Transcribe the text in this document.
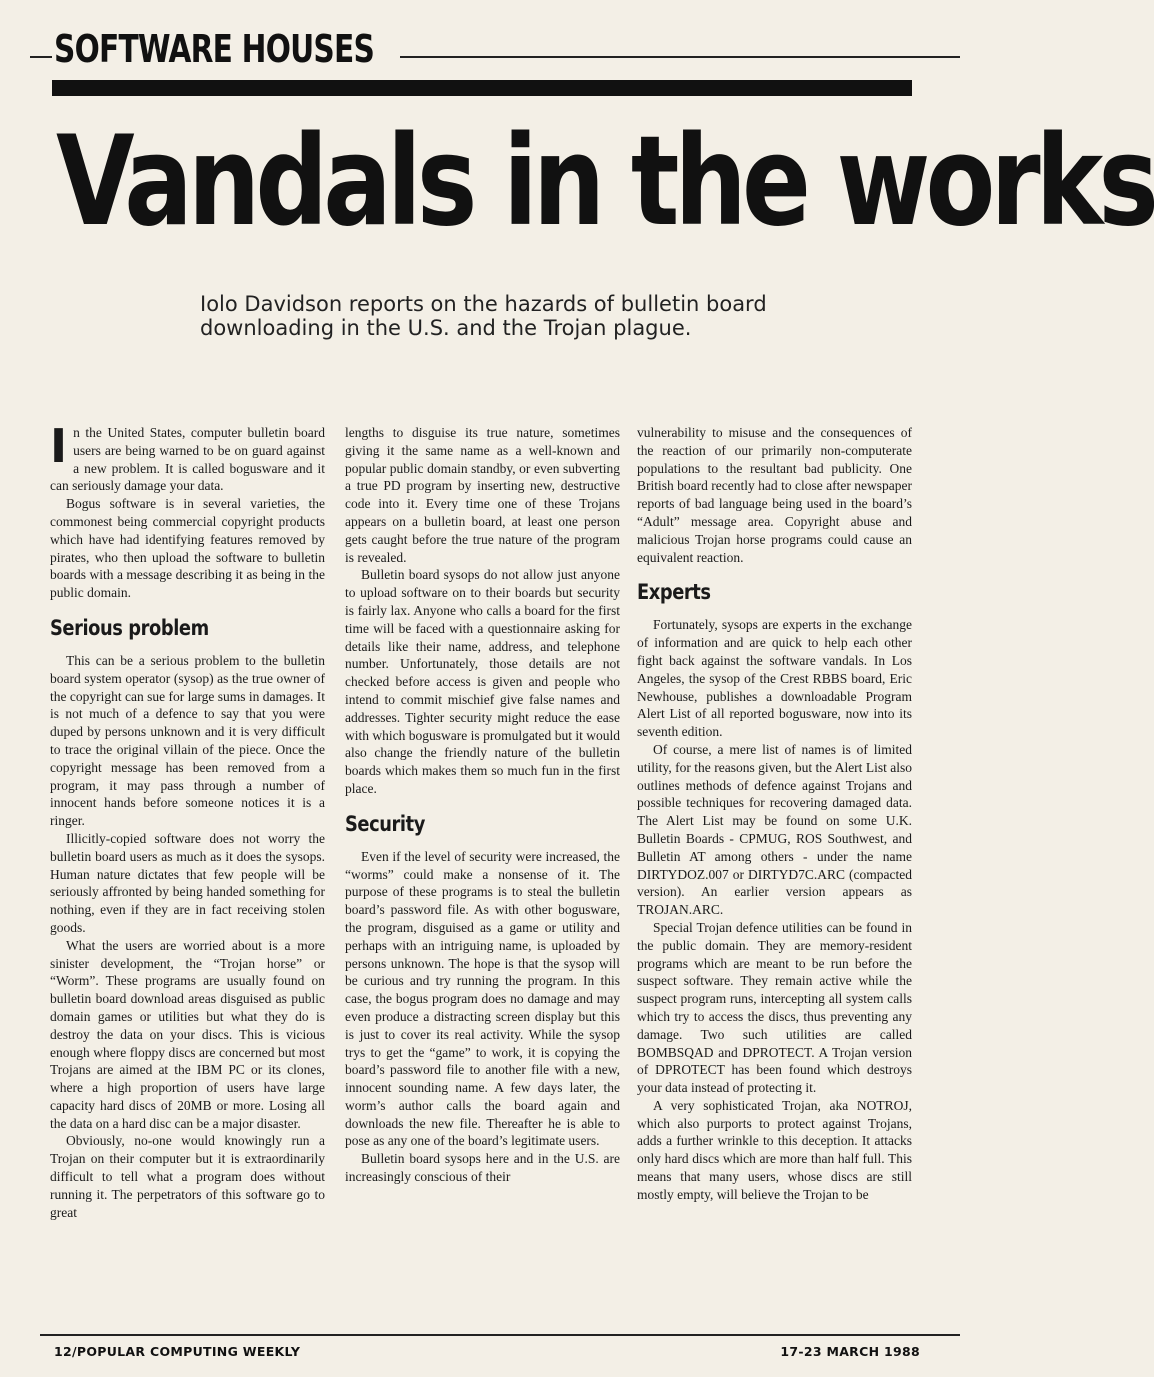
SOFTWARE HOUSES
Vandals in the works
Iolo Davidson reports on the hazards of bulletin board downloading in the U.S. and the Trojan plague.

In the United States, computer bulletin board users are being warned to be on guard against a new problem. It is called bogusware and it can seriously damage your data.

Bogus software is in several varieties, the commonest being commercial copyright products which have had identifying features removed by pirates, who then upload the software to bulletin boards with a message describing it as being in the public domain.

Serious problem

This can be a serious problem to the bulletin board system operator (sysop) as the true owner of the copyright can sue for large sums in damages. It is not much of a defence to say that you were duped by persons unknown and it is very difficult to trace the original villain of the piece. Once the copyright message has been removed from a program, it may pass through a number of innocent hands before someone notices it is a ringer.

Illicitly-copied software does not worry the bulletin board users as much as it does the sysops. Human nature dictates that few people will be seriously affronted by being handed something for nothing, even if they are in fact receiving stolen goods.

What the users are worried about is a more sinister development, the “Trojan horse” or “Worm”. These programs are usually found on bulletin board download areas disguised as public domain games or utilities but what they do is destroy the data on your discs. This is vicious enough where floppy discs are concerned but most Trojans are aimed at the IBM PC or its clones, where a high proportion of users have large capacity hard discs of 20MB or more. Losing all the data on a hard disc can be a major disaster.

Obviously, no-one would knowingly run a Trojan on their computer but it is extraordinarily difficult to tell what a program does without running it. The perpetrators of this software go to great

lengths to disguise its true nature, sometimes giving it the same name as a well-known and popular public domain standby, or even subverting a true PD program by inserting new, destructive code into it. Every time one of these Trojans appears on a bulletin board, at least one person gets caught before the true nature of the program is revealed.

Bulletin board sysops do not allow just anyone to upload software on to their boards but security is fairly lax. Anyone who calls a board for the first time will be faced with a questionnaire asking for details like their name, address, and telephone number. Unfortunately, those details are not checked before access is given and people who intend to commit mischief give false names and addresses. Tighter security might reduce the ease with which bogusware is promulgated but it would also change the friendly nature of the bulletin boards which makes them so much fun in the first place.

Security

Even if the level of security were increased, the “worms” could make a nonsense of it. The purpose of these programs is to steal the bulletin board’s password file. As with other bogusware, the program, disguised as a game or utility and perhaps with an intriguing name, is uploaded by persons unknown. The hope is that the sysop will be curious and try running the program. In this case, the bogus program does no damage and may even produce a distracting screen display but this is just to cover its real activity. While the sysop trys to get the “game” to work, it is copying the board’s password file to another file with a new, innocent sounding name. A few days later, the worm’s author calls the board again and downloads the new file. Thereafter he is able to pose as any one of the board’s legitimate users.

Bulletin board sysops here and in the U.S. are increasingly conscious of their

vulnerability to misuse and the consequences of the reaction of our primarily non-computerate populations to the resultant bad publicity. One British board recently had to close after newspaper reports of bad language being used in the board’s “Adult” message area. Copyright abuse and malicious Trojan horse programs could cause an equivalent reaction.

Experts

Fortunately, sysops are experts in the exchange of information and are quick to help each other fight back against the software vandals. In Los Angeles, the sysop of the Crest RBBS board, Eric Newhouse, publishes a downloadable Program Alert List of all reported bogusware, now into its seventh edition.

Of course, a mere list of names is of limited utility, for the reasons given, but the Alert List also outlines methods of defence against Trojans and possible techniques for recovering damaged data. The Alert List may be found on some U.K. Bulletin Boards - CPMUG, ROS Southwest, and Bulletin AT among others - under the name DIRTYDOZ.007 or DIRTYD7C.ARC (compacted version). An earlier version appears as TROJAN.ARC.

Special Trojan defence utilities can be found in the public domain. They are memory-resident programs which are meant to be run before the suspect software. They remain active while the suspect program runs, intercepting all system calls which try to access the discs, thus preventing any damage. Two such utilities are called BOMBSQAD and DPROTECT. A Trojan version of DPROTECT has been found which destroys your data instead of protecting it.

A very sophisticated Trojan, aka NOTROJ, which also purports to protect against Trojans, adds a further wrinkle to this deception. It attacks only hard discs which are more than half full. This means that many users, whose discs are still mostly empty, will believe the Trojan to be

12/POPULAR COMPUTING WEEKLY	17-23 MARCH 1988
